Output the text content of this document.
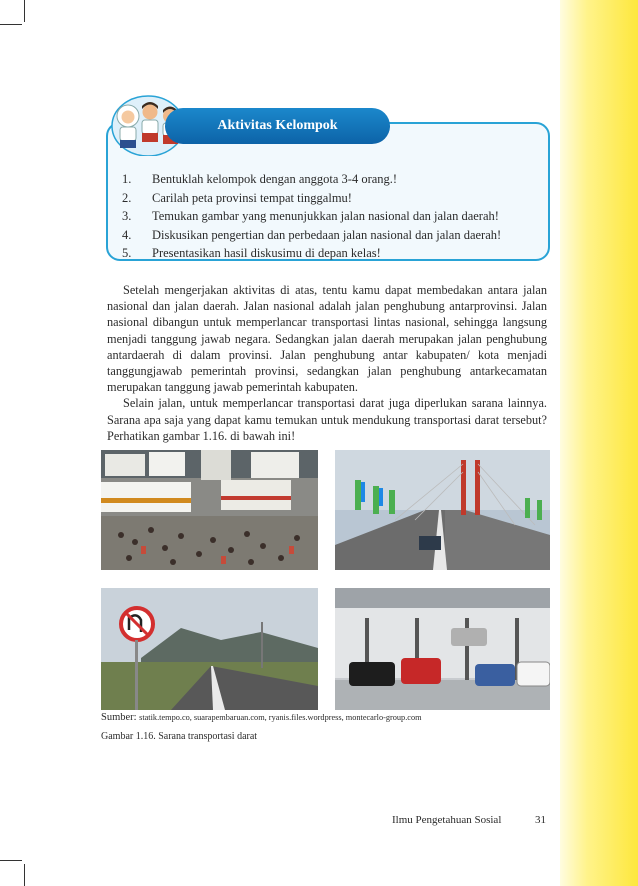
Aktivitas Kelompok
1.	Bentuklah kelompok dengan anggota 3-4 orang.!
2.	Carilah peta provinsi tempat tinggalmu!
3.	Temukan gambar yang menunjukkan jalan nasional dan jalan daerah!
4.	Diskusikan pengertian dan perbedaan jalan nasional dan jalan daerah!
5.	Presentasikan hasil diskusimu di depan kelas!

Setelah mengerjakan aktivitas di atas, tentu kamu dapat membedakan antara jalan nasional dan jalan daerah. Jalan nasional adalah jalan penghubung antarprovinsi. Jalan nasional dibangun untuk memperlancar transportasi lintas nasional, sehingga langsung menjadi tanggung jawab negara. Sedangkan jalan daerah merupakan jalan penghubung antardaerah di dalam provinsi. Jalan penghubung antar kabupaten/ kota menjadi tanggungjawab pemerintah provinsi, sedangkan jalan penghubung antarkecamatan merupakan tanggung jawab pemerintah kabupaten.

Selain jalan, untuk memperlancar transportasi darat juga diperlukan sarana lainnya. Sarana apa saja yang dapat kamu temukan untuk mendukung transportasi darat tersebut? Perhatikan gambar 1.16. di bawah ini!

Sumber: statik.tempo.co, suarapembaruan.com, ryanis.files.wordpress, montecarlo-group.com
Gambar 1.16. Sarana transportasi darat
Ilmu Pengetahuan Sosial	31
